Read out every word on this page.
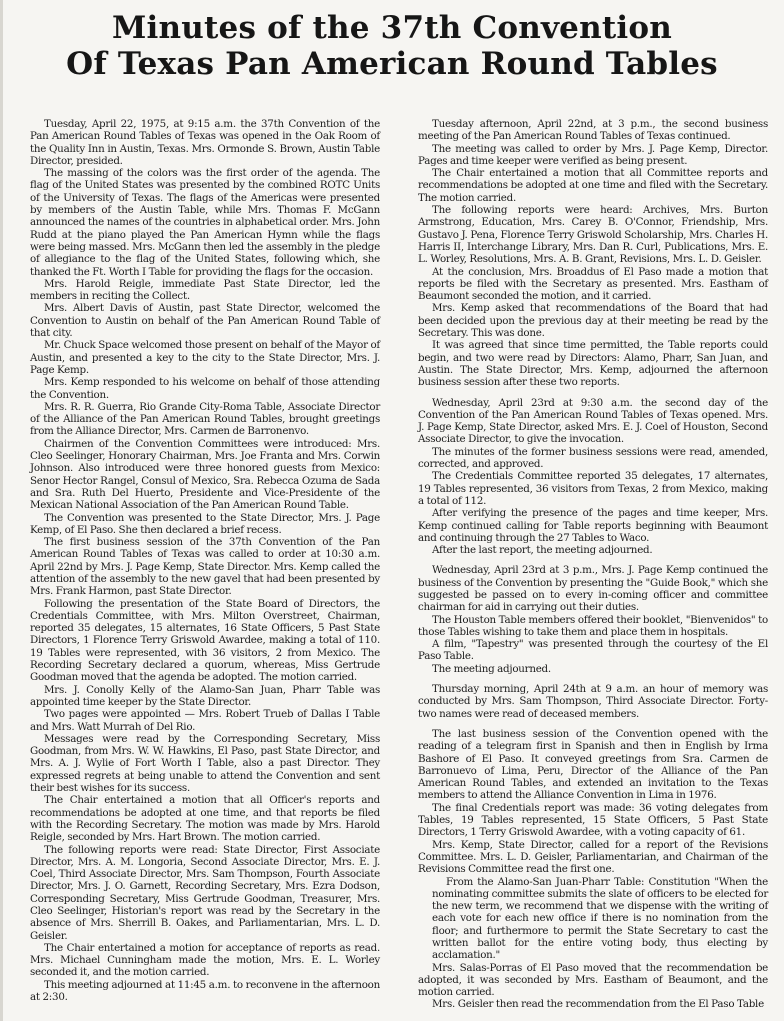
Minutes of the 37th Convention
Of Texas Pan American Round Tables

Tuesday, April 22, 1975, at 9:15 a.m. the 37th Convention of the Pan American Round Tables of Texas was opened in the Oak Room of the Quality Inn in Austin, Texas. Mrs. Ormonde S. Brown, Austin Table Director, presided.

The massing of the colors was the first order of the agenda. The flag of the United States was presented by the combined ROTC Units of the University of Texas. The flags of the Americas were presented by members of the Austin Table, while Mrs. Thomas F. McGann announced the names of the countries in alphabetical order. Mrs. John Rudd at the piano played the Pan American Hymn while the flags were being massed. Mrs. McGann then led the assembly in the pledge of allegiance to the flag of the United States, following which, she thanked the Ft. Worth I Table for providing the flags for the occasion.

Mrs. Harold Reigle, immediate Past State Director, led the members in reciting the Collect.

Mrs. Albert Davis of Austin, past State Director, welcomed the Convention to Austin on behalf of the Pan American Round Table of that city.

Mr. Chuck Space welcomed those present on behalf of the Mayor of Austin, and presented a key to the city to the State Director, Mrs. J. Page Kemp.

Mrs. Kemp responded to his welcome on behalf of those attending the Convention.

Mrs. R. R. Guerra, Rio Grande City-Roma Table, Associate Director of the Alliance of the Pan American Round Tables, brought greetings from the Alliance Director, Mrs. Carmen de Barronenvo.

Chairmen of the Convention Committees were introduced: Mrs. Cleo Seelinger, Honorary Chairman, Mrs. Joe Franta and Mrs. Corwin Johnson. Also introduced were three honored guests from Mexico: Senor Hector Rangel, Consul of Mexico, Sra. Rebecca Ozuma de Sada and Sra. Ruth Del Huerto, Presidente and Vice-Presidente of the Mexican National Association of the Pan American Round Table.

The Convention was presented to the State Director, Mrs. J. Page Kemp, of El Paso. She then declared a brief recess.

The first business session of the 37th Convention of the Pan American Round Tables of Texas was called to order at 10:30 a.m. April 22nd by Mrs. J. Page Kemp, State Director. Mrs. Kemp called the attention of the assembly to the new gavel that had been presented by Mrs. Frank Harmon, past State Director.

Following the presentation of the State Board of Directors, the Credentials Committee, with Mrs. Milton Overstreet, Chairman, reported 35 delegates, 15 alternates, 16 State Officers, 5 Past State Directors, 1 Florence Terry Griswold Awardee, making a total of 110. 19 Tables were represented, with 36 visitors, 2 from Mexico. The Recording Secretary declared a quorum, whereas, Miss Gertrude Goodman moved that the agenda be adopted. The motion carried.

Mrs. J. Conolly Kelly of the Alamo-San Juan, Pharr Table was appointed time keeper by the State Director.

Two pages were appointed — Mrs. Robert Trueb of Dallas I Table and Mrs. Watt Murrah of Del Rio.

Messages were read by the Corresponding Secretary, Miss Goodman, from Mrs. W. W. Hawkins, El Paso, past State Director, and Mrs. A. J. Wylie of Fort Worth I Table, also a past Director. They expressed regrets at being unable to attend the Convention and sent their best wishes for its success.

The Chair entertained a motion that all Officer's reports and recommendations be adopted at one time, and that reports be filed with the Recording Secretary. The motion was made by Mrs. Harold Reigle, seconded by Mrs. Hart Brown. The motion carried.

The following reports were read: State Director, First Associate Director, Mrs. A. M. Longoria, Second Associate Director, Mrs. E. J. Coel, Third Associate Director, Mrs. Sam Thompson, Fourth Associate Director, Mrs. J. O. Garnett, Recording Secretary, Mrs. Ezra Dodson, Corresponding Secretary, Miss Gertrude Goodman, Treasurer, Mrs. Cleo Seelinger, Historian's report was read by the Secretary in the absence of Mrs. Sherrill B. Oakes, and Parliamentarian, Mrs. L. D. Geisler.

The Chair entertained a motion for acceptance of reports as read. Mrs. Michael Cunningham made the motion, Mrs. E. L. Worley seconded it, and the motion carried.

This meeting adjourned at 11:45 a.m. to reconvene in the afternoon at 2:30.

Tuesday afternoon, April 22nd, at 3 p.m., the second business meeting of the Pan American Round Tables of Texas continued.

The meeting was called to order by Mrs. J. Page Kemp, Director. Pages and time keeper were verified as being present.

The Chair entertained a motion that all Committee reports and recommendations be adopted at one time and filed with the Secretary. The motion carried.

The following reports were heard: Archives, Mrs. Burton Armstrong, Education, Mrs. Carey B. O'Connor, Friendship, Mrs. Gustavo J. Pena, Florence Terry Griswold Scholarship, Mrs. Charles H. Harris II, Interchange Library, Mrs. Dan R. Curl, Publications, Mrs. E. L. Worley, Resolutions, Mrs. A. B. Grant, Revisions, Mrs. L. D. Geisler.

At the conclusion, Mrs. Broaddus of El Paso made a motion that reports be filed with the Secretary as presented. Mrs. Eastham of Beaumont seconded the motion, and it carried.

Mrs. Kemp asked that recommendations of the Board that had been decided upon the previous day at their meeting be read by the Secretary. This was done.

It was agreed that since time permitted, the Table reports could begin, and two were read by Directors: Alamo, Pharr, San Juan, and Austin. The State Director, Mrs. Kemp, adjourned the afternoon business session after these two reports.

Wednesday, April 23rd at 9:30 a.m. the second day of the Convention of the Pan American Round Tables of Texas opened. Mrs. J. Page Kemp, State Director, asked Mrs. E. J. Coel of Houston, Second Associate Director, to give the invocation.

The minutes of the former business sessions were read, amended, corrected, and approved.

The Credentials Committee reported 35 delegates, 17 alternates, 19 Tables represented, 36 visitors from Texas, 2 from Mexico, making a total of 112.

After verifying the presence of the pages and time keeper, Mrs. Kemp continued calling for Table reports beginning with Beaumont and continuing through the 27 Tables to Waco.

After the last report, the meeting adjourned.

Wednesday, April 23rd at 3 p.m., Mrs. J. Page Kemp continued the business of the Convention by presenting the "Guide Book," which she suggested be passed on to every in-coming officer and committee chairman for aid in carrying out their duties.

The Houston Table members offered their booklet, "Bienvenidos" to those Tables wishing to take them and place them in hospitals.

A film, "Tapestry" was presented through the courtesy of the El Paso Table.

The meeting adjourned.

Thursday morning, April 24th at 9 a.m. an hour of memory was conducted by Mrs. Sam Thompson, Third Associate Director. Forty-two names were read of deceased members.

The last business session of the Convention opened with the reading of a telegram first in Spanish and then in English by Irma Bashore of El Paso. It conveyed greetings from Sra. Carmen de Barronuevo of Lima, Peru, Director of the Alliance of the Pan American Round Tables, and extended an invitation to the Texas members to attend the Alliance Convention in Lima in 1976.

The final Credentials report was made: 36 voting delegates from Tables, 19 Tables represented, 15 State Officers, 5 Past State Directors, 1 Terry Griswold Awardee, with a voting capacity of 61.

Mrs. Kemp, State Director, called for a report of the Revisions Committee. Mrs. L. D. Geisler, Parliamentarian, and Chairman of the Revisions Committee read the first one.

From the Alamo-San Juan-Pharr Table: Constitution "When the nominating committee submits the slate of officers to be elected for the new term, we recommend that we dispense with the writing of each vote for each new office if there is no nomination from the floor; and furthermore to permit the State Secretary to cast the written ballot for the entire voting body, thus electing by acclamation."

Mrs. Salas-Porras of El Paso moved that the recommendation be adopted, it was seconded by Mrs. Eastham of Beaumont, and the motion carried.

Mrs. Geisler then read the recommendation from the El Paso Table
